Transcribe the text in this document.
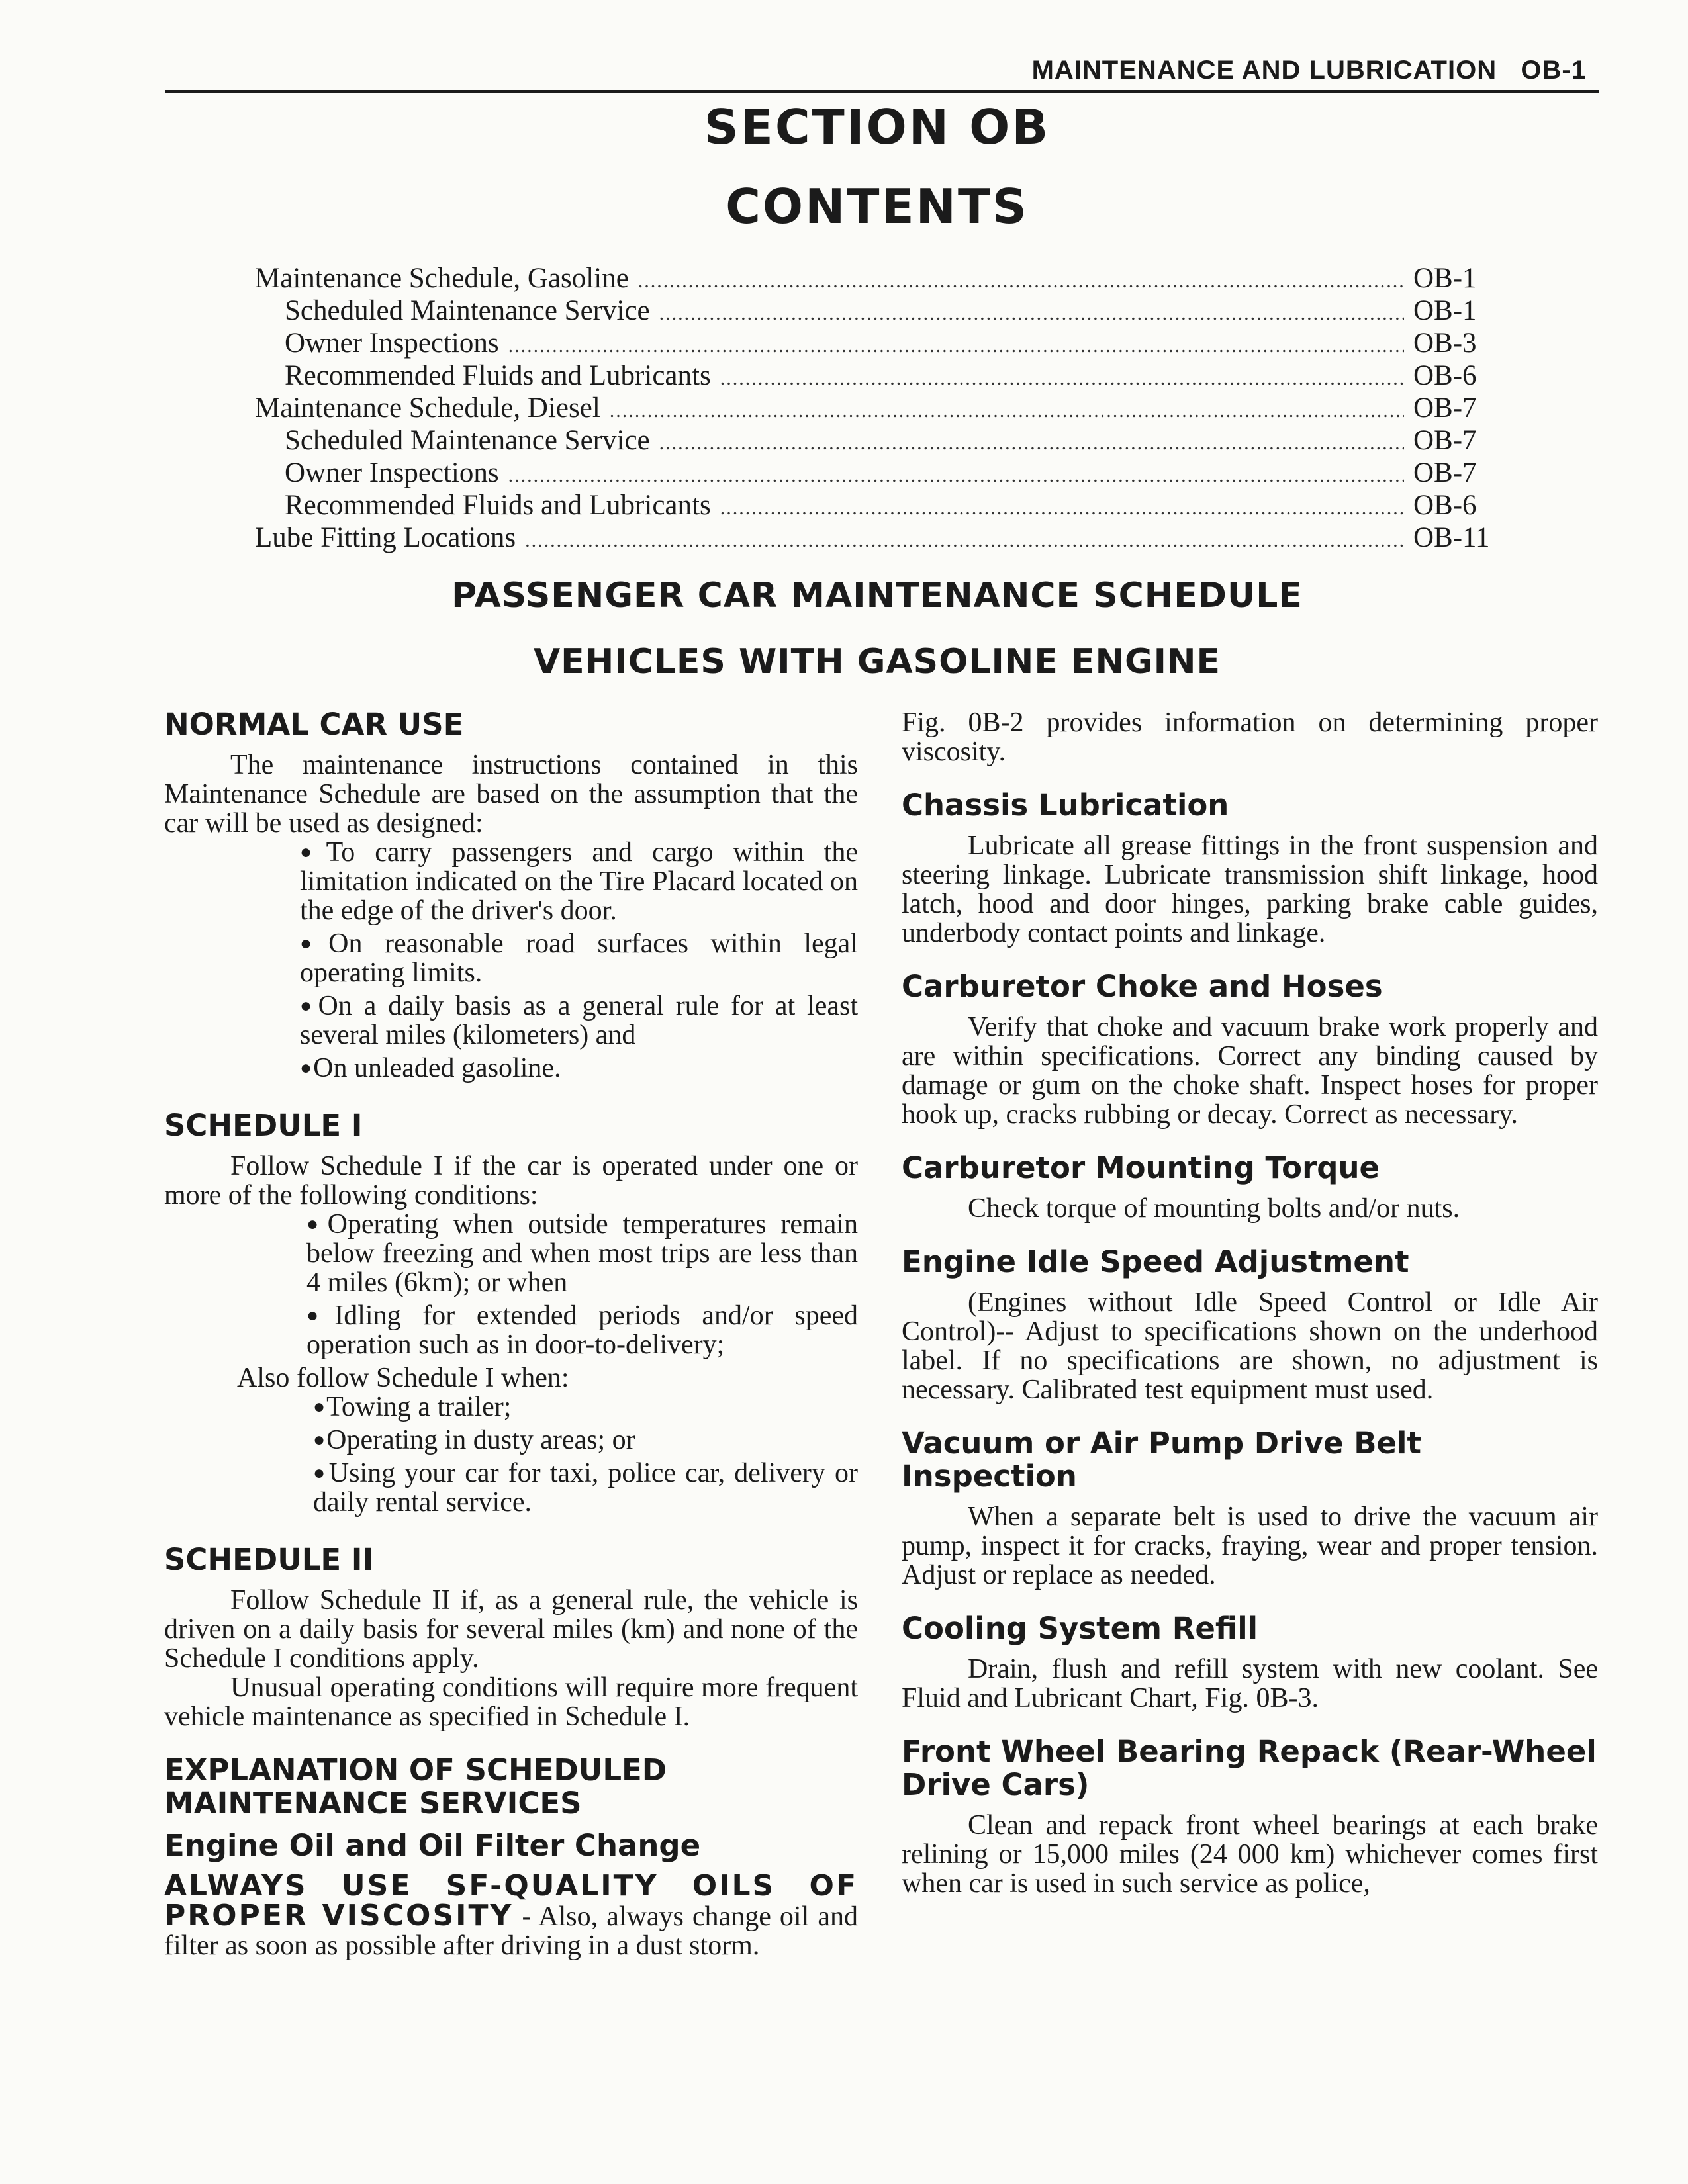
MAINTENANCE AND LUBRICATION   OB-1
SECTION OB
CONTENTS
Maintenance Schedule, Gasoline .....	OB-1
Scheduled Maintenance Service .....	OB-1
Owner Inspections .....	OB-3
Recommended Fluids and Lubricants .....	OB-6
Maintenance Schedule, Diesel .....	OB-7
Scheduled Maintenance Service .....	OB-7
Owner Inspections .....	OB-7
Recommended Fluids and Lubricants .....	OB-6
Lube Fitting Locations .....	OB-11
PASSENGER CAR MAINTENANCE SCHEDULE
VEHICLES WITH GASOLINE ENGINE
NORMAL CAR USE

The maintenance instructions contained in this Maintenance Schedule are based on the assumption that the car will be used as designed:

●To carry passengers and cargo within the limitation indicated on the Tire Placard located on the edge of the driver's door.
●On reasonable road surfaces within legal operating limits.
●On a daily basis as a general rule for at least several miles (kilometers) and
●On unleaded gasoline.
SCHEDULE I

Follow Schedule I if the car is operated under one or more of the following conditions:

●Operating when outside temperatures remain below freezing and when most trips are less than 4 miles (6km); or when
●Idling for extended periods and/or speed operation such as in door-to-delivery;

Also follow Schedule I when:

●Towing a trailer;
●Operating in dusty areas; or
●Using your car for taxi, police car, delivery or daily rental service.
SCHEDULE II

Follow Schedule II if, as a general rule, the vehicle is driven on a daily basis for several miles (km) and none of the Schedule I conditions apply.

Unusual operating conditions will require more frequent vehicle maintenance as specified in Schedule I.

EXPLANATION OF SCHEDULED
MAINTENANCE SERVICES
Engine Oil and Oil Filter Change

ALWAYS USE SF-QUALITY OILS OF PROPER VISCOSITY - Also, always change oil and filter as soon as possible after driving in a dust storm.

Fig. 0B-2 provides information on determining proper viscosity.

Chassis Lubrication

Lubricate all grease fittings in the front suspension and steering linkage. Lubricate transmission shift linkage, hood latch, hood and door hinges, parking brake cable guides, underbody contact points and linkage.

Carburetor Choke and Hoses

Verify that choke and vacuum brake work properly and are within specifications. Correct any binding caused by damage or gum on the choke shaft. Inspect hoses for proper hook up, cracks rubbing or decay. Correct as necessary.

Carburetor Mounting Torque

Check torque of mounting bolts and/or nuts.

Engine Idle Speed Adjustment

(Engines without Idle Speed Control or Idle Air Control)-- Adjust to specifications shown on the underhood label. If no specifications are shown, no adjustment is necessary. Calibrated test equipment must used.

Vacuum or Air Pump Drive Belt Inspection

When a separate belt is used to drive the vacuum air pump, inspect it for cracks, fraying, wear and proper tension. Adjust or replace as needed.

Cooling System Refill

Drain, flush and refill system with new coolant. See Fluid and Lubricant Chart, Fig. 0B-3.

Front Wheel Bearing Repack (Rear-Wheel Drive Cars)

Clean and repack front wheel bearings at each brake relining or 15,000 miles (24 000 km) whichever comes first when car is used in such service as police,
